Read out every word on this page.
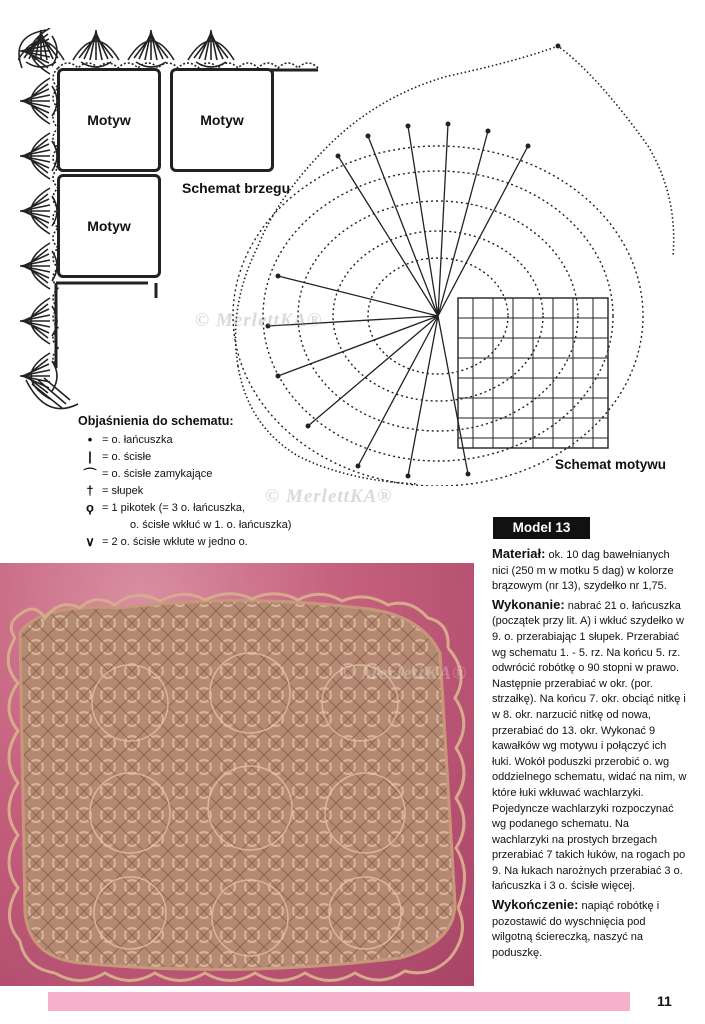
Motyw	Motyw
Motyw
Schemat brzegu
Schemat motywu
Objaśnienia do schematu:
• = o. łańcuszka
| = o. ścisłe
⌒ = o. ścisłe zamykające
† = słupek
ϙ = 1 pikotek (= 3 o. łańcuszka,
o. ścisłe wkłuć w 1. o. łańcuszka)
∨ = 2 o. ścisłe wkłute w jedno o.
© MerlettKA®
© MerlettKA®
© MerlettKA®
Model 13

Materiał: ok. 10 dag bawełnianych nici (250 m w motku 5 dag) w kolorze brązowym (nr 13), szydełko nr 1,75.

Wykonanie: nabrać 21 o. łańcuszka (początek przy lit. A) i wkłuć szydełko w 9. o. przerabiając 1 słupek. Przerabiać wg schematu 1. - 5. rz. Na końcu 5. rz. odwrócić robótkę o 90 stopni w prawo. Następnie przerabiać w okr. (por. strzałkę). Na końcu 7. okr. obciąć nitkę i w 8. okr. narzucić nitkę od nowa, przerabiać do 13. okr. Wykonać 9 kawałków wg motywu i połączyć ich łuki. Wokół poduszki przerobić o. wg oddzielnego schematu, widać na nim, w które łuki wkłuwać wachlarzyki. Pojedyncze wachlarzyki rozpoczynać wg podanego schematu. Na wachlarzyki na prostych brzegach przerabiać 7 takich łuków, na rogach po 9. Na łukach narożnych przerabiać 3 o. łańcuszka i 3 o. ścisłe więcej.

Wykończenie: napiąć robótkę i pozostawić do wyschnięcia pod wilgotną ściereczką, naszyć na poduszkę.

11
